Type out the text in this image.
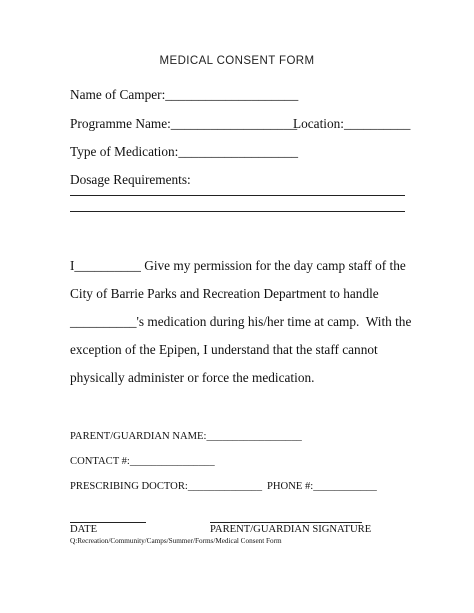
MEDICAL CONSENT FORM
Name of Camper:____________________
Programme Name:___________________
Location:__________
Type of Medication:__________________
Dosage Requirements:
I__________ Give my permission for the day camp staff of the
City of Barrie Parks and Recreation Department to handle
__________'s medication during his/her time at camp.  With the
exception of the Epipen, I understand that the staff cannot
physically administer or force the medication.
PARENT/GUARDIAN NAME:__________________
CONTACT #:________________
PRESCRIBING DOCTOR:______________ PHONE #:____________
DATE	PARENT/GUARDIAN SIGNATURE
Q:Recreation/Community/Camps/Summer/Forms/Medical Consent Form
